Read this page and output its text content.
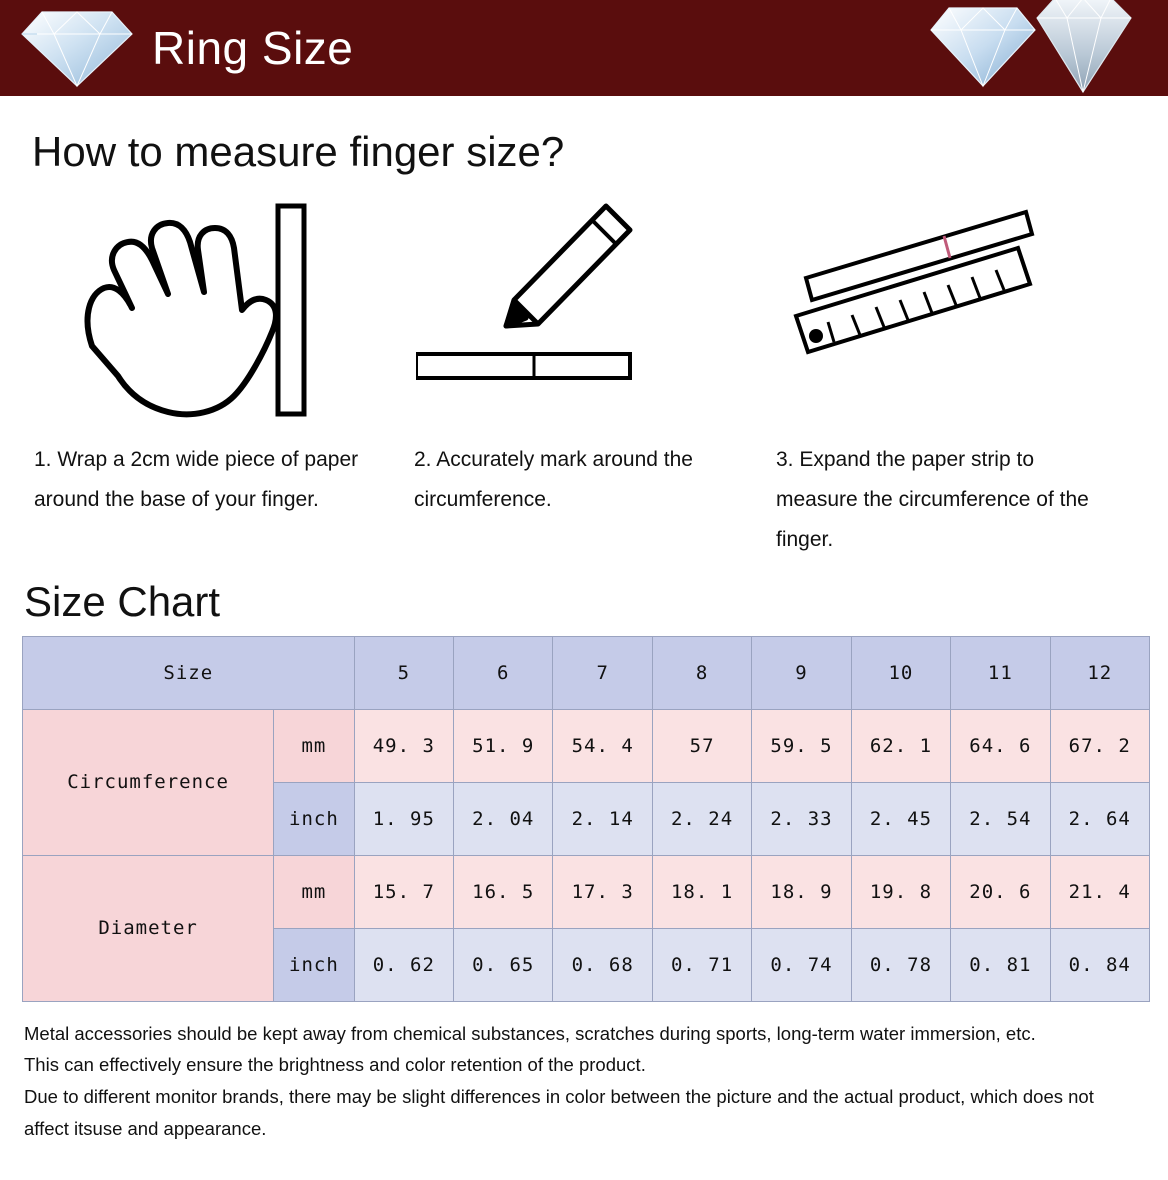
Ring Size
How to measure finger size?
1. Wrap a 2cm wide piece of paper around the base of your finger.
2. Accurately mark around the circumference.
3. Expand the paper strip to measure the circumference of the finger.
Size Chart
Size		5	6	7	8	9	10	11	12
Circumference	mm	49. 3	51. 9	54. 4	57	59. 5	62. 1	64. 6	67. 2
	inch	1. 95	2. 04	2. 14	2. 24	2. 33	2. 45	2. 54	2. 64
Diameter	mm	15. 7	16. 5	17. 3	18. 1	18. 9	19. 8	20. 6	21. 4
	inch	0. 62	0. 65	0. 68	0. 71	0. 74	0. 78	0. 81	0. 84

Metal accessories should be kept away from chemical substances, scratches during sports, long-term water immersion, etc.

This can effectively ensure the brightness and color retention of the product.

Due to different monitor brands, there may be slight differences in color between the picture and the actual product, which does not

affect itsuse and appearance.
